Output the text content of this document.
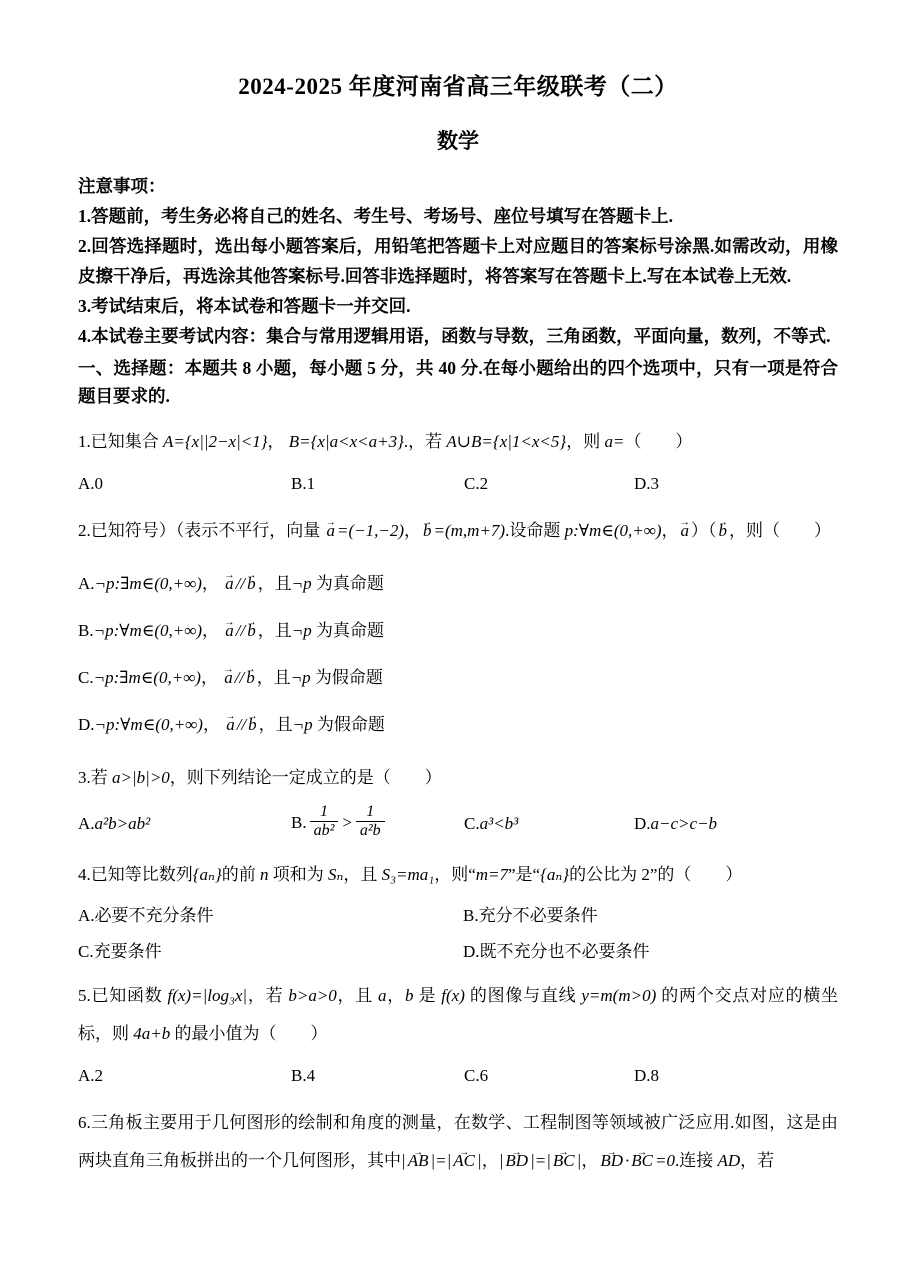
2024-2025 年度河南省高三年级联考（二）
数学

注意事项：

1.答题前，考生务必将自己的姓名、考生号、考场号、座位号填写在答题卡上.

2.回答选择题时，选出每小题答案后，用铅笔把答题卡上对应题目的答案标号涂黑.如需改动，用橡皮擦干净后，再选涂其他答案标号.回答非选择题时，将答案写在答题卡上.写在本试卷上无效.

3.考试结束后，将本试卷和答题卡一并交回.

4.本试卷主要考试内容：集合与常用逻辑用语，函数与导数，三角函数，平面向量，数列，不等式.

一、选择题：本题共 8 小题，每小题 5 分，共 40 分.在每小题给出的四个选项中，只有一项是符合题目要求的.

1.已知集合 A={x||2−x|<1}， B={x|a<x<a+3}.，若 A∪B={x|1<x<5}，则 a=（　　）

A.0	B.1	C.2	D.3

2.已知符号）（表示不平行，向量 → a =(−1,−2)， → b =(m,m+7).设命题 p:∀m∈(0,+∞)， → a ）（ → b ，则（　　）

A.¬p:∃m∈(0,+∞)， → a // → b ，且¬p 为真命题

B.¬p:∀m∈(0,+∞)， → a // → b ，且¬p 为真命题

C.¬p:∃m∈(0,+∞)， → a // → b ，且¬p 为假命题

D.¬p:∀m∈(0,+∞)， → a // → b ，且¬p 为假命题

3.若 a>|b|>0，则下列结论一定成立的是（　　）

A.a²b>ab²	B. $\frac{1}{\text{ab²}} > \frac{1}{\text{a²b}}$	C.a³<b³	D.a−c>c−b

4.已知等比数列{aₙ}的前 n 项和为 Sₙ，且 S₃=ma₁，则“m=7”是“{aₙ}的公比为 2”的（　　）

A.必要不充分条件	B.充分不必要条件
C.充要条件	D.既不充分也不必要条件

5.已知函数 f(x)=|log₃x|，若 b>a>0，且 a，b 是 f(x) 的图像与直线 y=m(m>0) 的两个交点对应的横坐标，则 4a+b 的最小值为（　　）

A.2	B.4	C.6	D.8

6.三角板主要用于几何图形的绘制和角度的测量，在数学、工程制图等领域被广泛应用.如图，这是由两块直角三角板拼出的一个几何图形，其中| → AB |=| → AC |，| → BD |=| → BC |， → BD · → BC =0.连接 AD，若
